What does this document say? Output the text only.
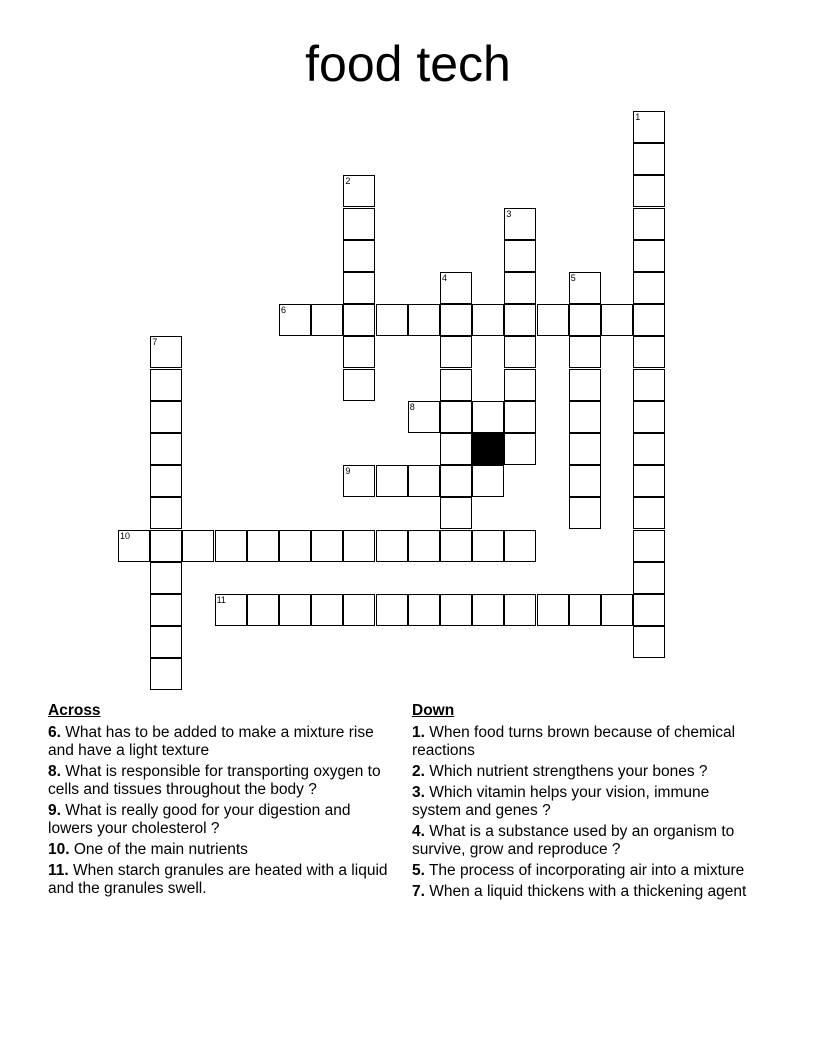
food tech
1
2
3
4	5
6
7
8
9
10
11
Across
6. What has to be added to make a mixture rise and have a light texture
8. What is responsible for transporting oxygen to cells and tissues throughout the body ?
9. What is really good for your digestion and lowers your cholesterol ?
10. One of the main nutrients
11. When starch granules are heated with a liquid and the granules swell.
Down
1. When food turns brown because of chemical reactions
2. Which nutrient strengthens your bones ?
3. Which vitamin helps your vision, immune system and genes ?
4. What is a substance used by an organism to survive, grow and reproduce ?
5. The process of incorporating air into a mixture
7. When a liquid thickens with a thickening agent
